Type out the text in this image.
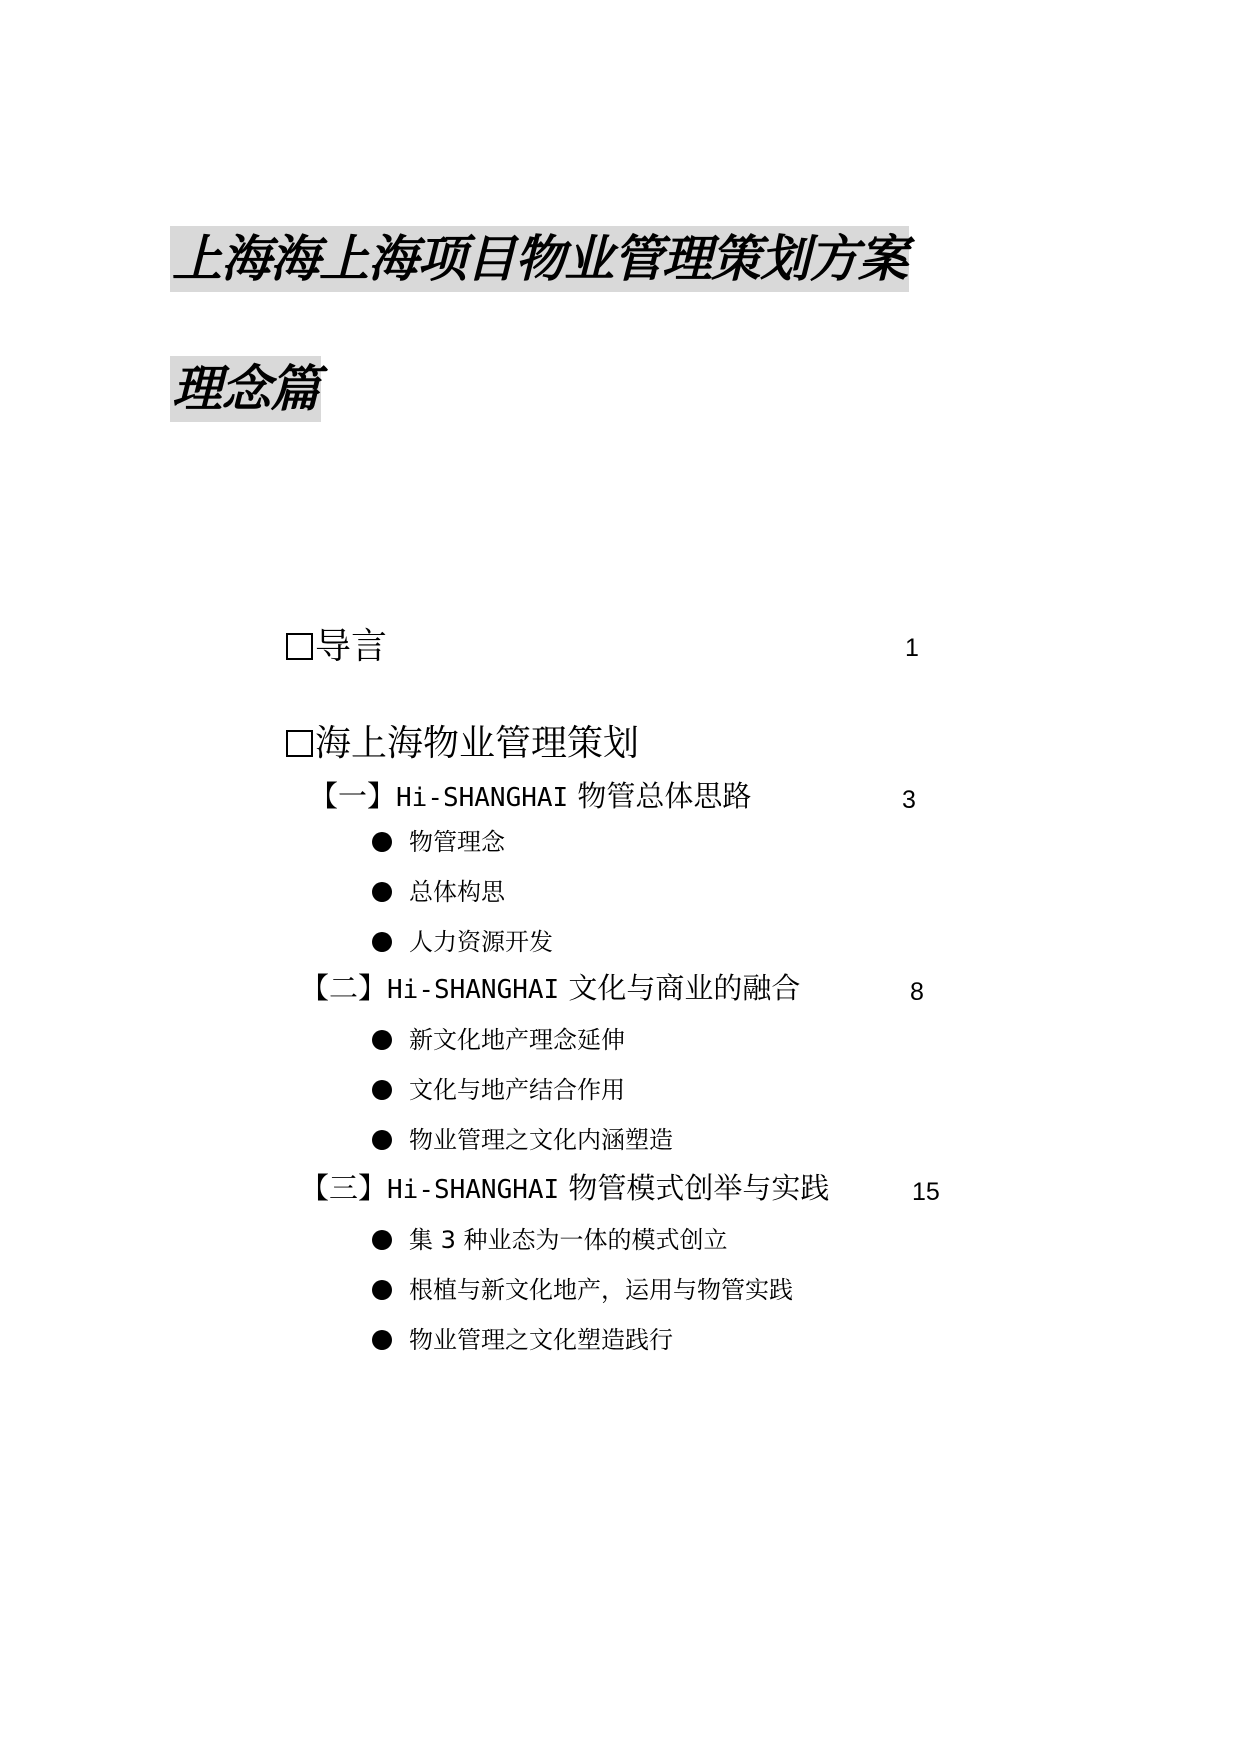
上海海上海项目物业管理策划方案
理念篇
导言	1
海上海物业管理策划
【一】Hi-SHANGHAI 物管总体思路	3
物管理念
总体构思
人力资源开发
【二】Hi-SHANGHAI 文化与商业的融合	8
新文化地产理念延伸
文化与地产结合作用
物业管理之文化内涵塑造
【三】Hi-SHANGHAI 物管模式创举与实践	15
集 3 种业态为一体的模式创立
根植与新文化地产，运用与物管实践
物业管理之文化塑造践行
